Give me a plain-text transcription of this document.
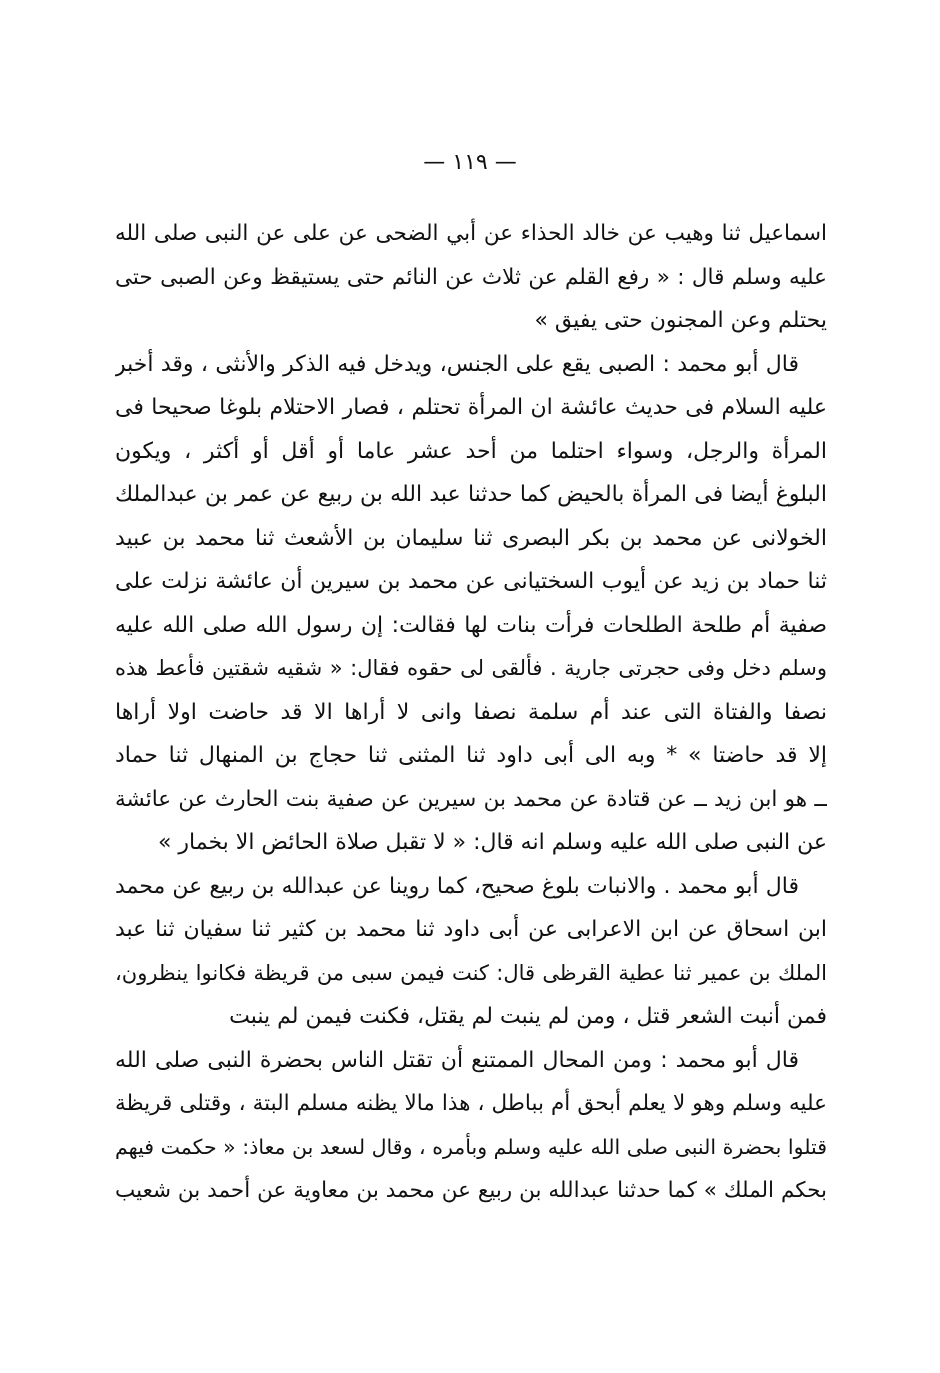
— ١١٩ —
اسماعيل ثنا وهيب عن خالد الحذاء عن أبي الضحى عن على عن النبى صلى الله
عليه وسلم قال : « رفع القلم عن ثلاث عن النائم حتى يستيقظ وعن الصبى حتى
يحتلم وعن المجنون حتى يفيق »
قال أبو محمد : الصبى يقع على الجنس، ويدخل فيه الذكر والأنثى ، وقد أخبر
عليه السلام فى حديث عائشة ان المرأة تحتلم ، فصار الاحتلام بلوغا صحيحا فى
المرأة والرجل، وسواء احتلما من أحد عشر عاما أو أقل أو أكثر ، ويكون
البلوغ أيضا فى المرأة بالحيض كما حدثنا عبد الله بن ربيع عن عمر بن عبدالملك
الخولانى عن محمد بن بكر البصرى ثنا سليمان بن الأشعث ثنا محمد بن عبيد
ثنا حماد بن زيد عن أيوب السختيانى عن محمد بن سيرين أن عائشة نزلت على
صفية أم طلحة الطلحات فرأت بنات لها فقالت: إن رسول الله صلى الله عليه
وسلم دخل وفى حجرتى جارية . فألقى لى حقوه فقال: « شقيه شقتين فأعط هذه
نصفا والفتاة التى عند أم سلمة نصفا وانى لا أراها الا قد حاضت اولا أراها
إلا قد حاضتا » * وبه الى أبى داود ثنا المثنى ثنا حجاج بن المنهال ثنا حماد
ــ هو ابن زيد ــ عن قتادة عن محمد بن سيرين عن صفية بنت الحارث عن عائشة
عن النبى صلى الله عليه وسلم انه قال: « لا تقبل صلاة الحائض الا بخمار »
قال أبو محمد . والانبات بلوغ صحيح، كما روينا عن عبدالله بن ربيع عن محمد
ابن اسحاق عن ابن الاعرابى عن أبى داود ثنا محمد بن كثير ثنا سفيان ثنا عبد
الملك بن عمير ثنا عطية القرظى قال: كنت فيمن سبى من قريظة فكانوا ينظرون،
فمن أنبت الشعر قتل ، ومن لم ينبت لم يقتل، فكنت فيمن لم ينبت
قال أبو محمد : ومن المحال الممتنع أن تقتل الناس بحضرة النبى صلى الله
عليه وسلم وهو لا يعلم أبحق أم بباطل ، هذا مالا يظنه مسلم البتة ، وقتلى قريظة
قتلوا بحضرة النبى صلى الله عليه وسلم وبأمره ، وقال لسعد بن معاذ: « حكمت فيهم
بحكم الملك » كما حدثنا عبدالله بن ربيع عن محمد بن معاوية عن أحمد بن شعيب
